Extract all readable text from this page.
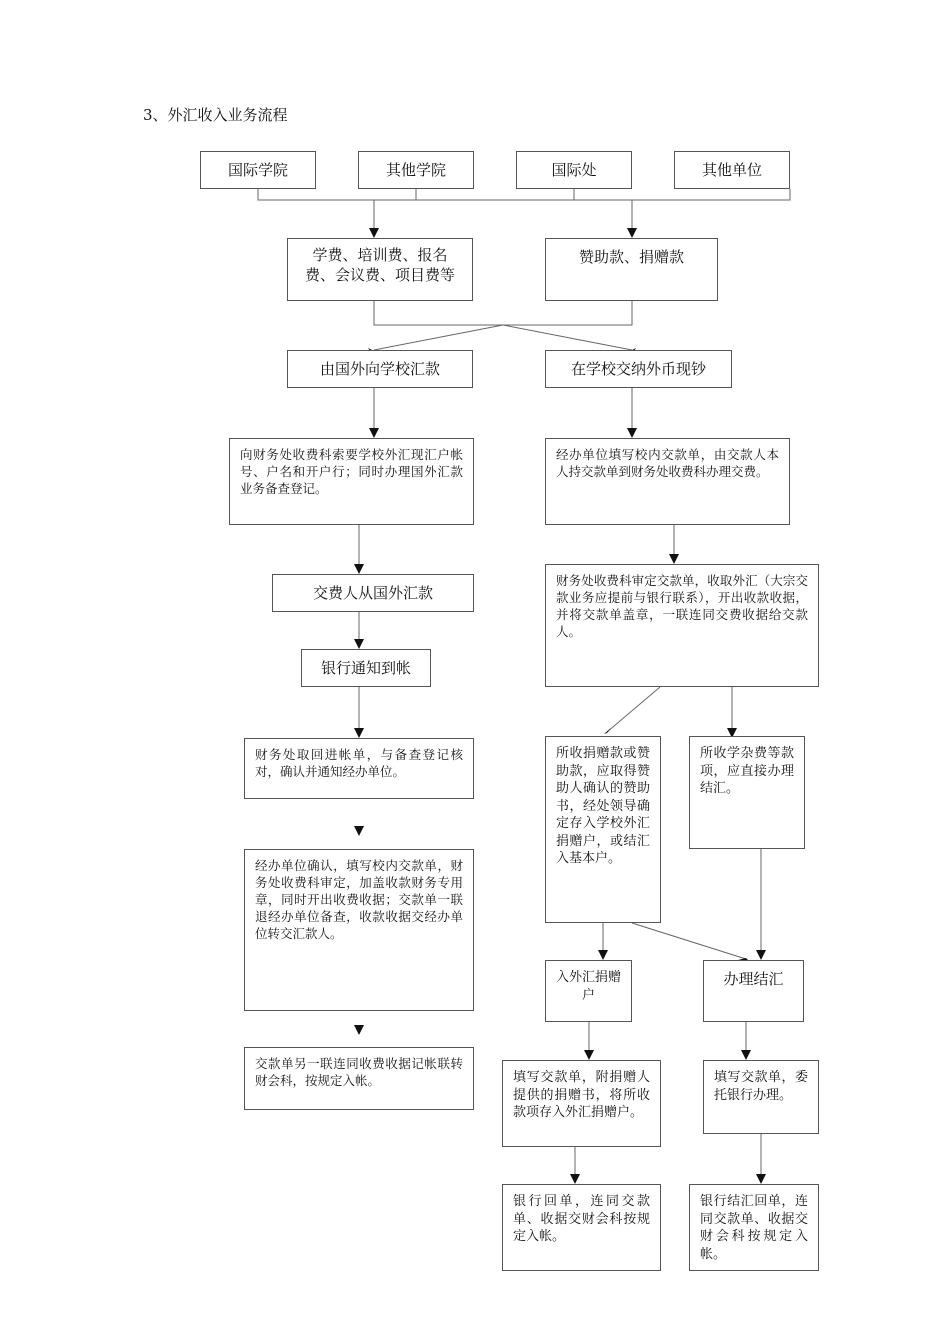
3、外汇收入业务流程
国际学院	其他学院	国际处	其他单位
学费、培训费、报名费、会议费、项目费等
赞助款、捐赠款
由国外向学校汇款	在学校交纳外币现钞
向财务处收费科索要学校外汇现汇户帐号、户名和开户行；同时办理国外汇款业务备查登记。
经办单位填写校内交款单，由交款人本人持交款单到财务处收费科办理交费。
交费人从国外汇款
银行通知到帐
财务处收费科审定交款单，收取外汇（大宗交款业务应提前与银行联系），开出收款收据，并将交款单盖章，一联连同交费收据给交款人。
财务处取回进帐单，与备查登记核对，确认并通知经办单位。
经办单位确认，填写校内交款单，财务处收费科审定，加盖收款财务专用章，同时开出收费收据；交款单一联退经办单位备查，收款收据交经办单位转交汇款人。
交款单另一联连同收费收据记帐联转财会科，按规定入帐。
所收捐赠款或赞助款，应取得赞助人确认的赞助书，经处领导确定存入学校外汇捐赠户，或结汇入基本户。
所收学杂费等款项，应直接办理结汇。
入外汇捐赠户
办理结汇
填写交款单，附捐赠人提供的捐赠书，将所收款项存入外汇捐赠户。
填写交款单，委托银行办理。
银行回单，连同交款单、收据交财会科按规定入帐。
银行结汇回单，连同交款单、收据交财会科按规定入帐。
